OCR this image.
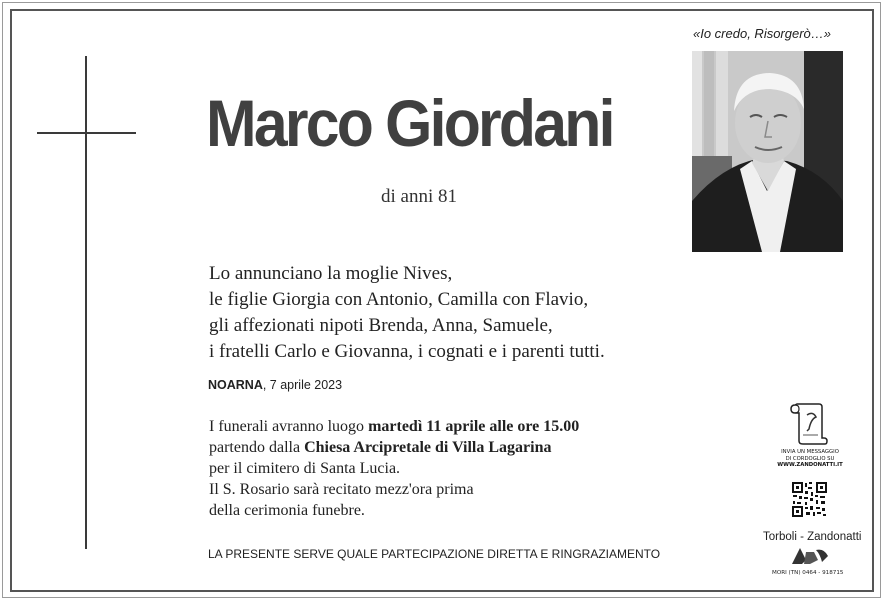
«Io credo, Risorgerò…»
Marco Giordani
di anni 81
Lo annunciano la moglie Nives,
le figlie Giorgia con Antonio, Camilla con Flavio,
gli affezionati nipoti Brenda, Anna, Samuele,
i fratelli Carlo e Giovanna, i cognati e i parenti tutti.
NOARNA, 7 aprile 2023
I funerali avranno luogo martedì 11 aprile alle ore 15.00
partendo dalla Chiesa Arcipretale di Villa Lagarina
per il cimitero di Santa Lucia.
Il S. Rosario sarà recitato mezz'ora prima
della cerimonia funebre.
LA PRESENTE SERVE QUALE PARTECIPAZIONE DIRETTA E RINGRAZIAMENTO
INVIA UN MESSAGGIO
DI CORDOGLIO SU
WWW.ZANDONATTI.IT
Torboli - Zandonatti
MORI (TN) 0464 - 918715
